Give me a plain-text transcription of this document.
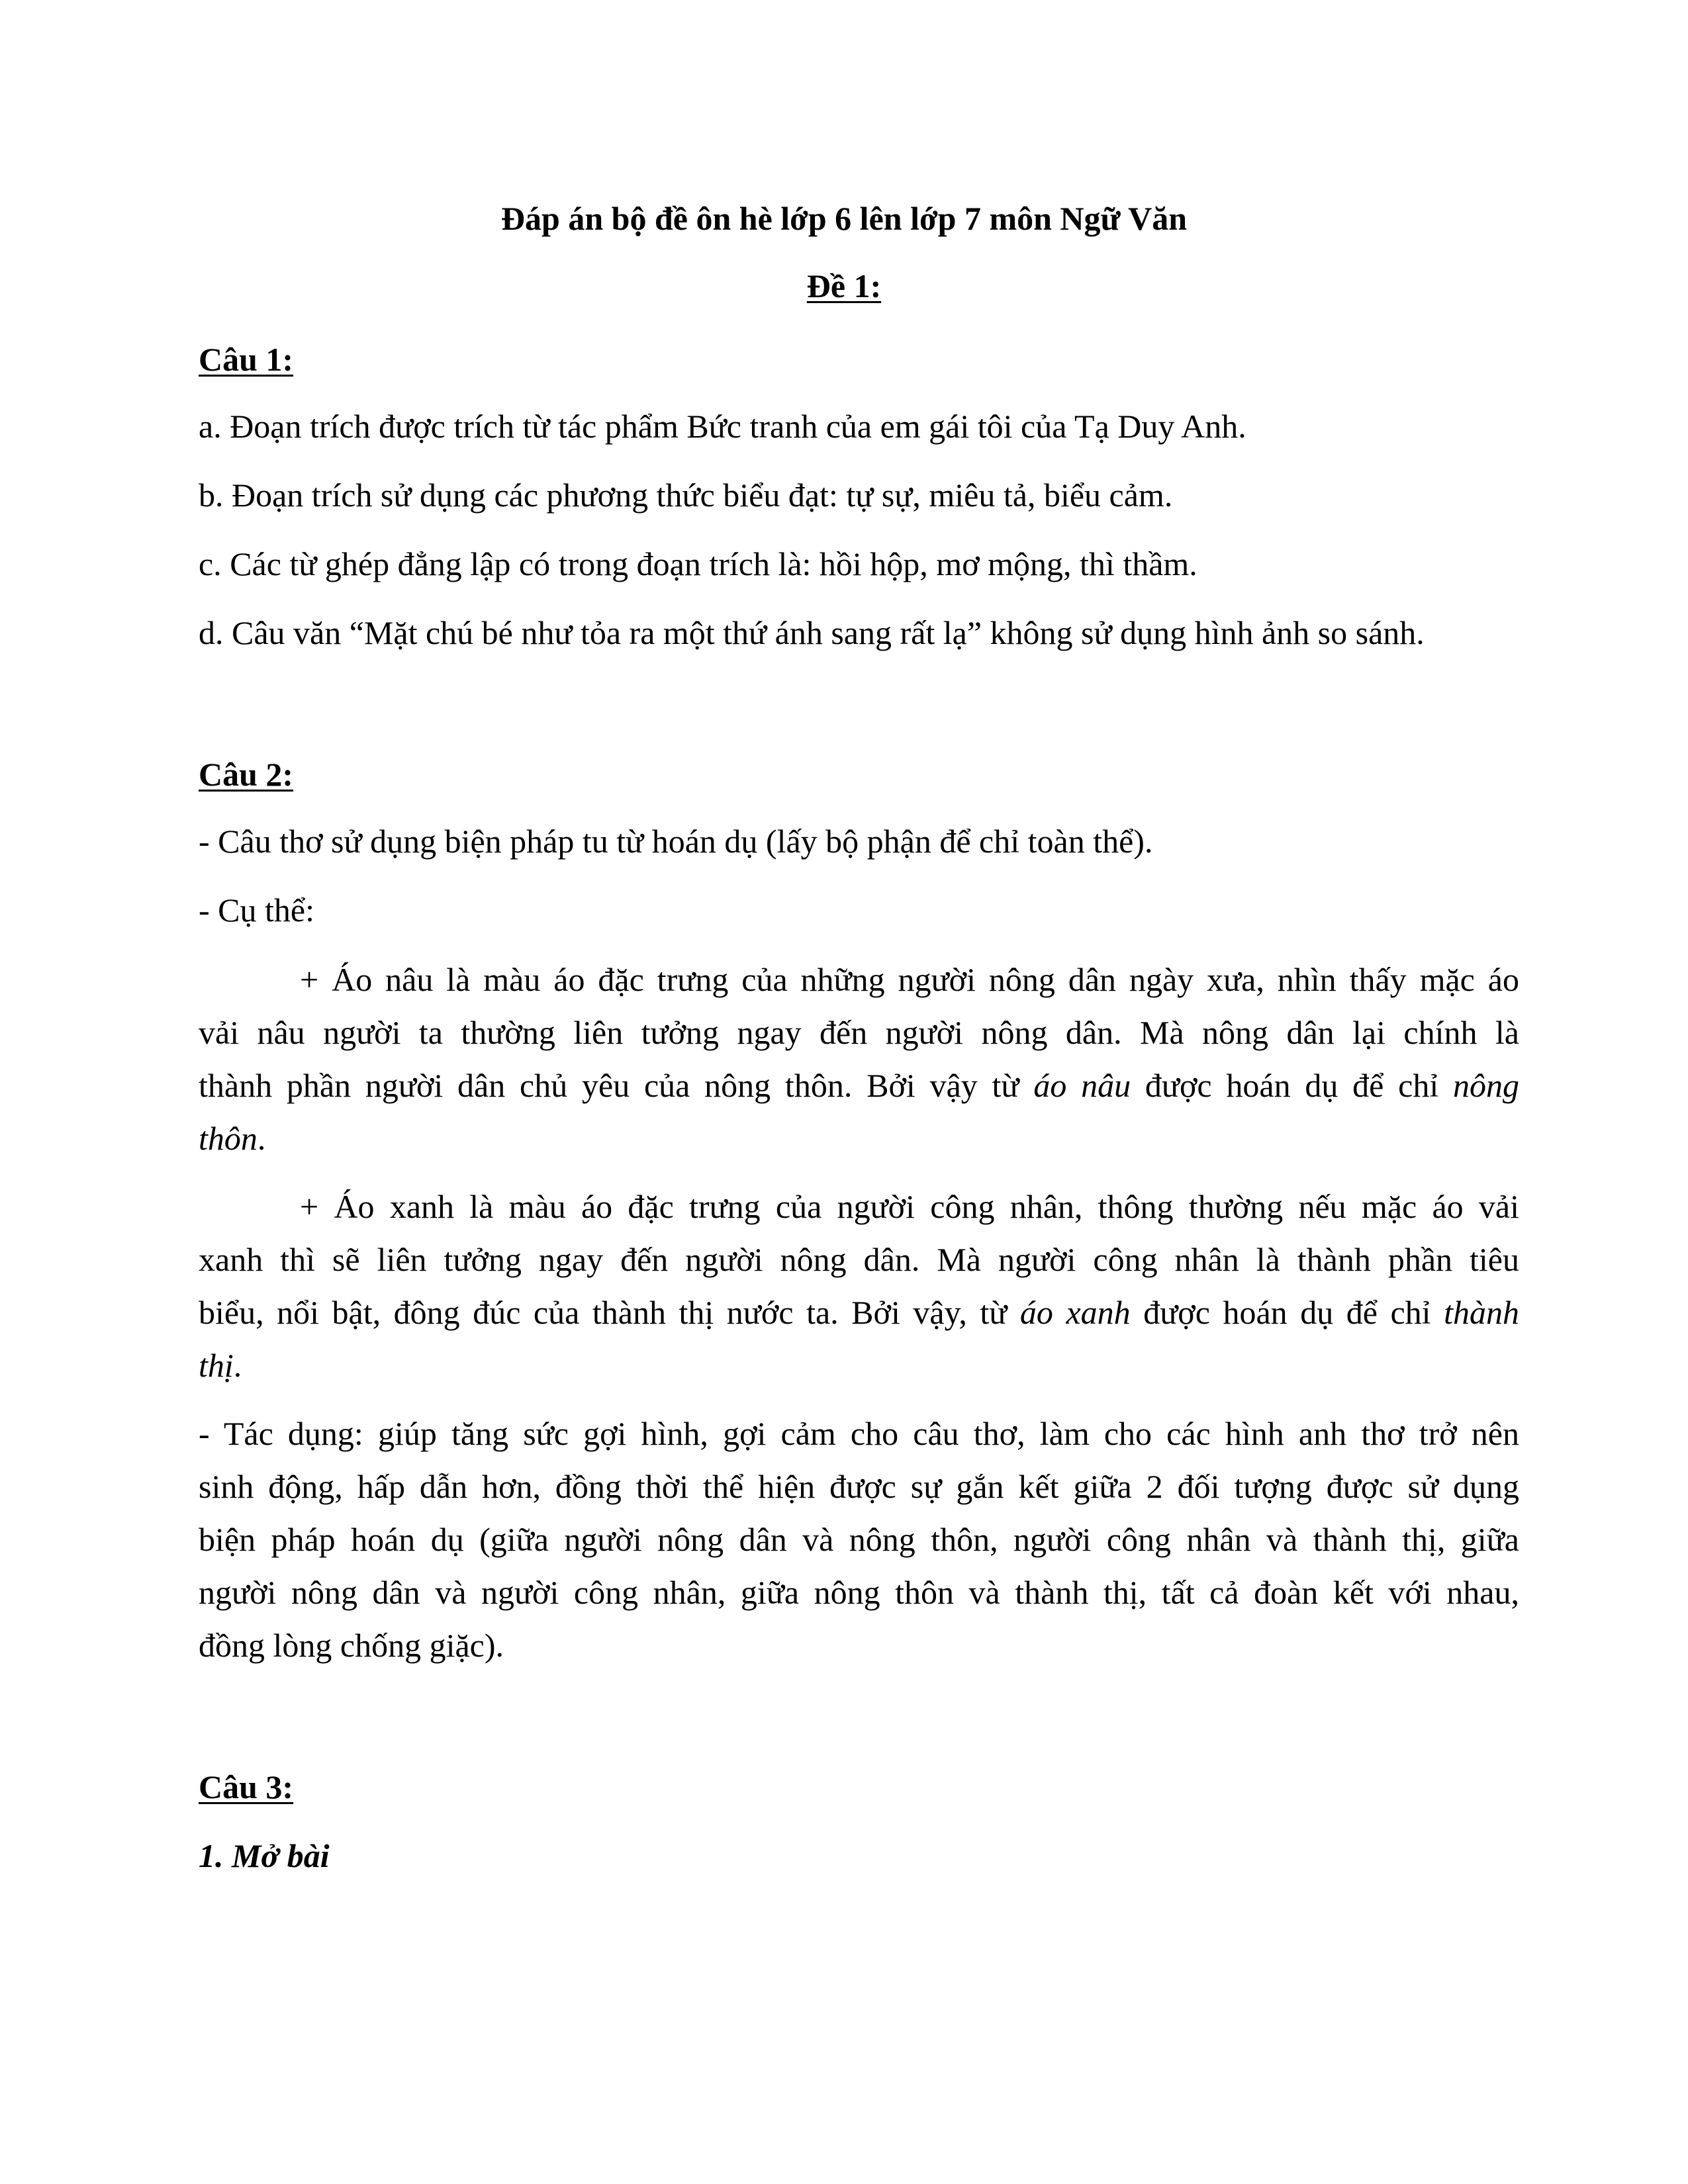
Đáp án bộ đề ôn hè lớp 6 lên lớp 7 môn Ngữ Văn

Đề 1:

Câu 1:

a. Đoạn trích được trích từ tác phẩm Bức tranh của em gái tôi của Tạ Duy Anh.

b. Đoạn trích sử dụng các phương thức biểu đạt: tự sự, miêu tả, biểu cảm.

c. Các từ ghép đẳng lập có trong đoạn trích là: hồi hộp, mơ mộng, thì thầm.

d. Câu văn “Mặt chú bé như tỏa ra một thứ ánh sang rất lạ” không sử dụng hình ảnh so sánh.

Câu 2:

- Câu thơ sử dụng biện pháp tu từ hoán dụ (lấy bộ phận để chỉ toàn thể).

- Cụ thể:

+ Áo nâu là màu áo đặc trưng của những người nông dân ngày xưa, nhìn thấy mặc áo

vải nâu người ta thường liên tưởng ngay đến người nông dân. Mà nông dân lại chính là

thành phần người dân chủ yêu của nông thôn. Bởi vậy từ áo nâu được hoán dụ để chỉ nông

thôn.

+ Áo xanh là màu áo đặc trưng của người công nhân, thông thường nếu mặc áo vải

xanh thì sẽ liên tưởng ngay đến người nông dân. Mà người công nhân là thành phần tiêu

biểu, nổi bật, đông đúc của thành thị nước ta. Bởi vậy, từ áo xanh được hoán dụ để chỉ thành

thị.

- Tác dụng: giúp tăng sức gợi hình, gợi cảm cho câu thơ, làm cho các hình anh thơ trở nên

sinh động, hấp dẫn hơn, đồng thời thể hiện được sự gắn kết giữa 2 đối tượng được sử dụng

biện pháp hoán dụ (giữa người nông dân và nông thôn, người công nhân và thành thị, giữa

người nông dân và người công nhân, giữa nông thôn và thành thị, tất cả đoàn kết với nhau,

đồng lòng chống giặc).

Câu 3:

1. Mở bài
